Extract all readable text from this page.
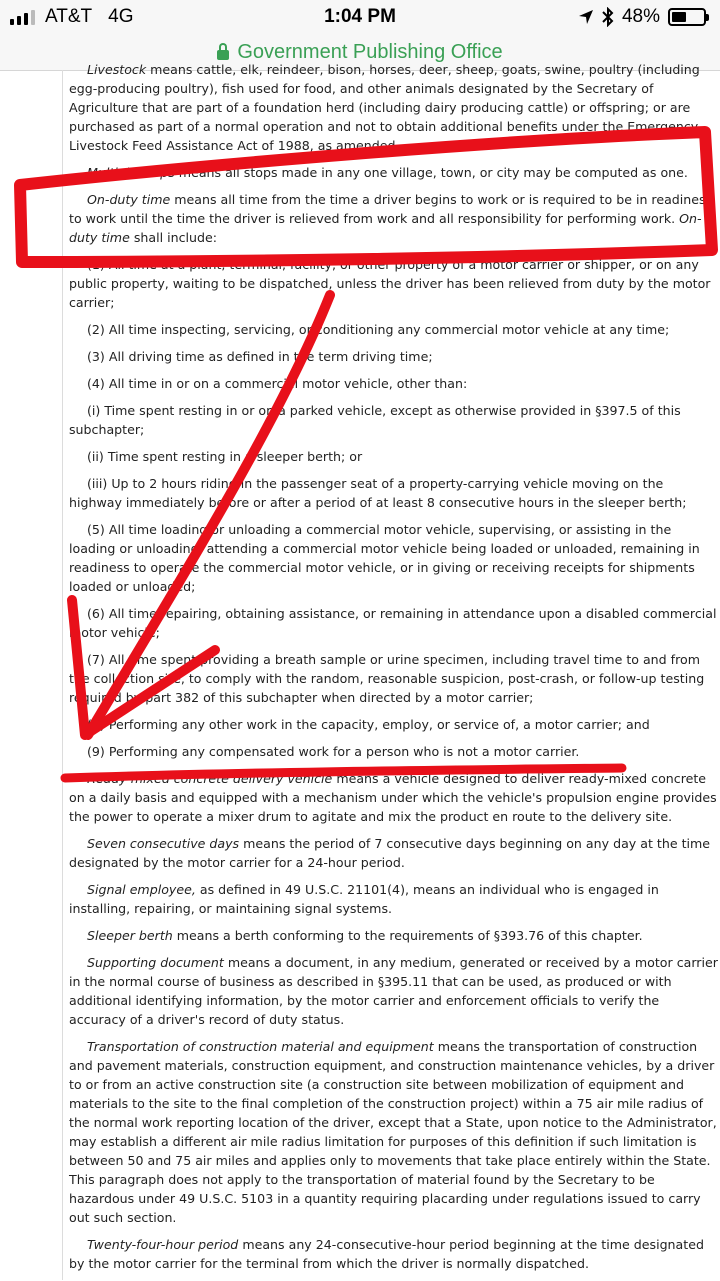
AT&T 4G	1:04 PM	48%
Government Publishing Office

Livestock means cattle, elk, reindeer, bison, horses, deer, sheep, goats, swine, poultry (including egg-producing poultry), fish used for food, and other animals designated by the Secretary of Agriculture that are part of a foundation herd (including dairy producing cattle) or offspring; or are purchased as part of a normal operation and not to obtain additional benefits under the Emergency Livestock Feed Assistance Act of 1988, as amended.

Multiple stops means all stops made in any one village, town, or city may be computed as one.

On-duty time means all time from the time a driver begins to work or is required to be in readiness to work until the time the driver is relieved from work and all responsibility for performing work. On-duty time shall include:

(1) All time at a plant, terminal, facility, or other property of a motor carrier or shipper, or on any public property, waiting to be dispatched, unless the driver has been relieved from duty by the motor carrier;

(2) All time inspecting, servicing, or conditioning any commercial motor vehicle at any time;

(3) All driving time as defined in the term driving time;

(4) All time in or on a commercial motor vehicle, other than:

(i) Time spent resting in or on a parked vehicle, except as otherwise provided in §397.5 of this subchapter;

(ii) Time spent resting in a sleeper berth; or

(iii) Up to 2 hours riding in the passenger seat of a property-carrying vehicle moving on the highway immediately before or after a period of at least 8 consecutive hours in the sleeper berth;

(5) All time loading or unloading a commercial motor vehicle, supervising, or assisting in the loading or unloading, attending a commercial motor vehicle being loaded or unloaded, remaining in readiness to operate the commercial motor vehicle, or in giving or receiving receipts for shipments loaded or unloaded;

(6) All time repairing, obtaining assistance, or remaining in attendance upon a disabled commercial motor vehicle;

(7) All time spent providing a breath sample or urine specimen, including travel time to and from the collection site, to comply with the random, reasonable suspicion, post-crash, or follow-up testing required by part 382 of this subchapter when directed by a motor carrier;

(8) Performing any other work in the capacity, employ, or service of, a motor carrier; and

(9) Performing any compensated work for a person who is not a motor carrier.

Ready-mixed concrete delivery vehicle means a vehicle designed to deliver ready-mixed concrete on a daily basis and equipped with a mechanism under which the vehicle's propulsion engine provides the power to operate a mixer drum to agitate and mix the product en route to the delivery site.

Seven consecutive days means the period of 7 consecutive days beginning on any day at the time designated by the motor carrier for a 24-hour period.

Signal employee, as defined in 49 U.S.C. 21101(4), means an individual who is engaged in installing, repairing, or maintaining signal systems.

Sleeper berth means a berth conforming to the requirements of §393.76 of this chapter.

Supporting document means a document, in any medium, generated or received by a motor carrier in the normal course of business as described in §395.11 that can be used, as produced or with additional identifying information, by the motor carrier and enforcement officials to verify the accuracy of a driver's record of duty status.

Transportation of construction material and equipment means the transportation of construction and pavement materials, construction equipment, and construction maintenance vehicles, by a driver to or from an active construction site (a construction site between mobilization of equipment and materials to the site to the final completion of the construction project) within a 75 air mile radius of the normal work reporting location of the driver, except that a State, upon notice to the Administrator, may establish a different air mile radius limitation for purposes of this definition if such limitation is between 50 and 75 air miles and applies only to movements that take place entirely within the State. This paragraph does not apply to the transportation of material found by the Secretary to be hazardous under 49 U.S.C. 5103 in a quantity requiring placarding under regulations issued to carry out such section.

Twenty-four-hour period means any 24-consecutive-hour period beginning at the time designated by the motor carrier for the terminal from which the driver is normally dispatched.
